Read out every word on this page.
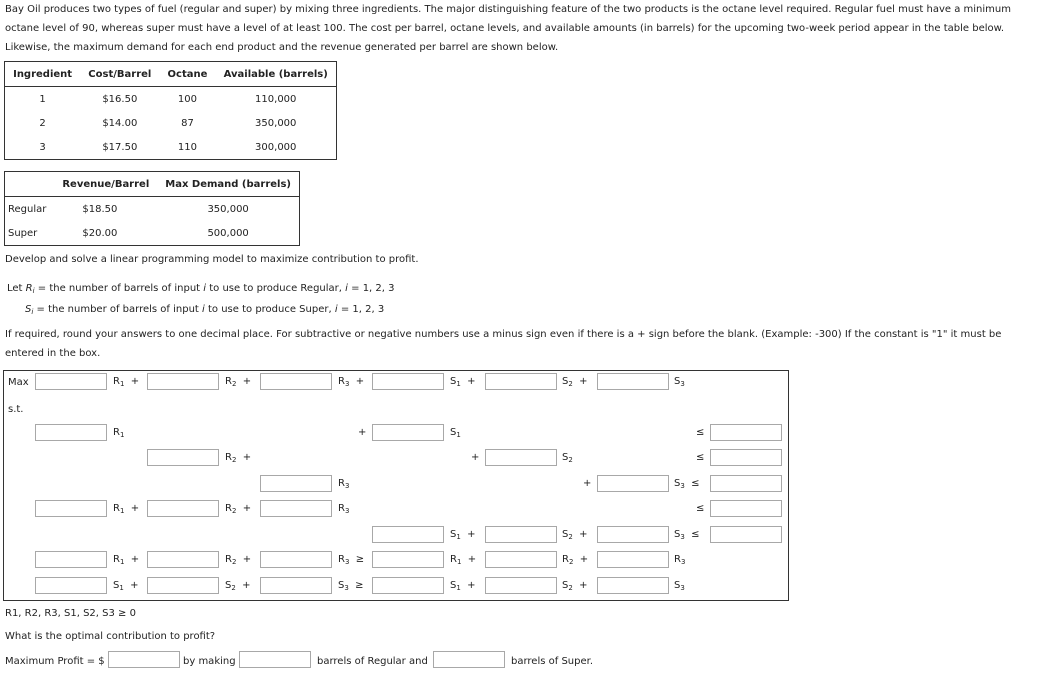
Bay Oil produces two types of fuel (regular and super) by mixing three ingredients. The major distinguishing feature of the two products is the octane level required. Regular fuel must have a minimum octane level of 90, whereas super must have a level of at least 100. The cost per barrel, octane levels, and available amounts (in barrels) for the upcoming two-week period appear in the table below. Likewise, the maximum demand for each end product and the revenue generated per barrel are shown below.
Ingredient	Cost/Barrel	Octane	Available (barrels)
1	$16.50	100	110,000
2	$14.00	87	350,000
3	$17.50	110	300,000
	Revenue/Barrel	Max Demand (barrels)
Regular	$18.50	350,000
Super	$20.00	500,000
Develop and solve a linear programming model to maximize contribution to profit.
Let $R_i$ = the number of barrels of input i to use to produce Regular, i = 1, 2, 3
$S_i$ = the number of barrels of input i to use to produce Super, i = 1, 2, 3
If required, round your answers to one decimal place. For subtractive or negative numbers use a minus sign even if there is a + sign before the blank. (Example: -300) If the constant is "1" it must be entered in the box.
Max
s.t.
$R_1$  +	$R_2$  +	$R_3$  +	$S_1$  +	$S_2$  +	$S_3$
$R_1$	$S_1$
+	≤
$R_2$  +	$S_2$
+	≤
$R_3$	$S_3$  ≤
+
$R_1$  +	$R_2$  +	$R_3$	≤
$S_1$  +	$S_2$  +	$S_3$  ≤
$R_1$  +	$R_2$  +	$R_3$  ≥	$R_1$  +	$R_2$  +	$R_3$
$S_1$  +	$S_2$  +	$S_3$  ≥	$S_1$  +	$S_2$  +	$S_3$
R1, R2, R3, S1, S2, S3 ≥ 0
What is the optimal contribution to profit?
Maximum Profit = $	by making	barrels of Regular and	barrels of Super.
